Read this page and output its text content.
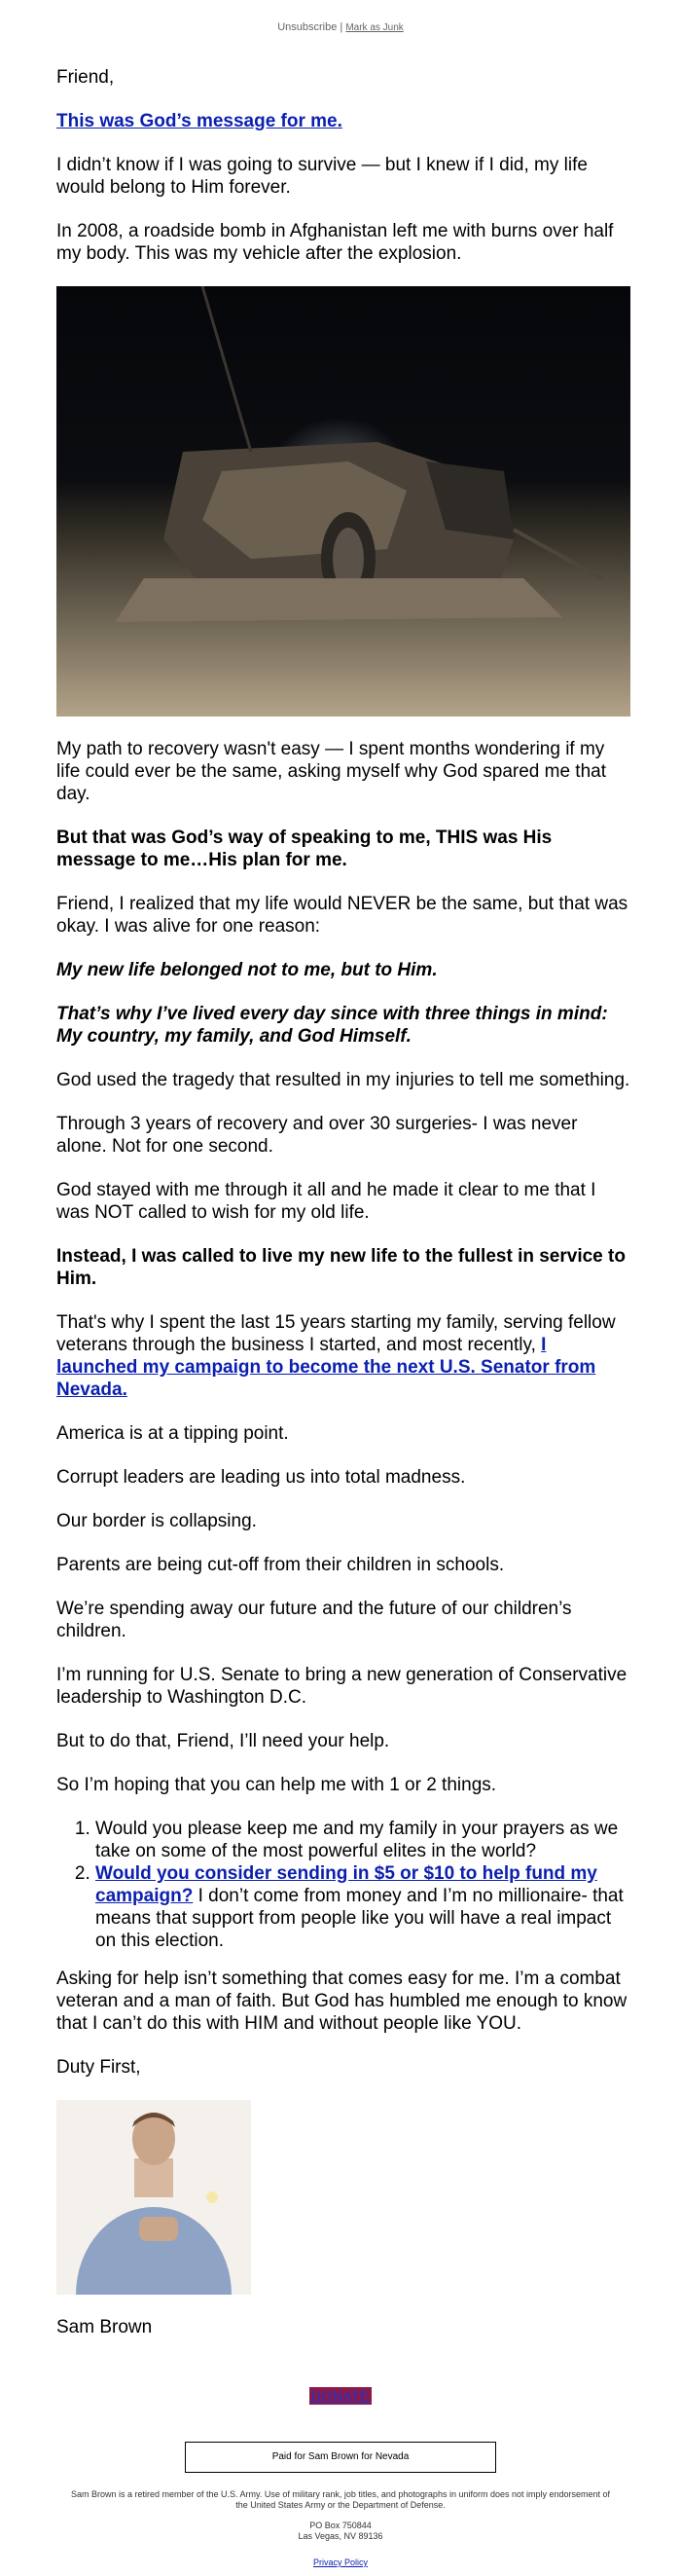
Unsubscribe | Mark as Junk

Friend,

This was God’s message for me.

I didn’t know if I was going to survive — but I knew if I did, my life would belong to Him forever.

In 2008, a roadside bomb in Afghanistan left me with burns over half my body. This was my vehicle after the explosion.

My path to recovery wasn't easy — I spent months wondering if my life could ever be the same, asking myself why God spared me that day.

But that was God’s way of speaking to me, THIS was His message to me…His plan for me.

Friend, I realized that my life would NEVER be the same, but that was okay. I was alive for one reason:

My new life belonged not to me, but to Him.

That’s why I’ve lived every day since with three things in mind: My country, my family, and God Himself.

God used the tragedy that resulted in my injuries to tell me something.

Through 3 years of recovery and over 30 surgeries- I was never alone. Not for one second.

God stayed with me through it all and he made it clear to me that I was NOT called to wish for my old life.

Instead, I was called to live my new life to the fullest in service to Him.

That's why I spent the last 15 years starting my family, serving fellow veterans through the business I started, and most recently, I launched my campaign to become the next U.S. Senator from Nevada.

America is at a tipping point.

Corrupt leaders are leading us into total madness.

Our border is collapsing.

Parents are being cut-off from their children in schools.

We’re spending away our future and the future of our children’s children.

I’m running for U.S. Senate to bring a new generation of Conservative leadership to Washington D.C.

But to do that, Friend, I’ll need your help.

So I’m hoping that you can help me with 1 or 2 things.

1. Would you please keep me and my family in your prayers as we take on some of the most powerful elites in the world?
2. Would you consider sending in $5 or $10 to help fund my campaign? I don’t come from money and I’m no millionaire- that means that support from people like you will have a real impact on this election.

Asking for help isn’t something that comes easy for me. I’m a combat veteran and a man of faith. But God has humbled me enough to know that I can’t do this with HIM and without people like YOU.

Duty First,

Sam Brown

DONATE
Paid for Sam Brown for Nevada
Sam Brown is a retired member of the U.S. Army. Use of military rank, job titles, and photographs in uniform does not imply endorsement of the United States Army or the Department of Defense.
PO Box 750844
Las Vegas, NV 89136
Privacy Policy
